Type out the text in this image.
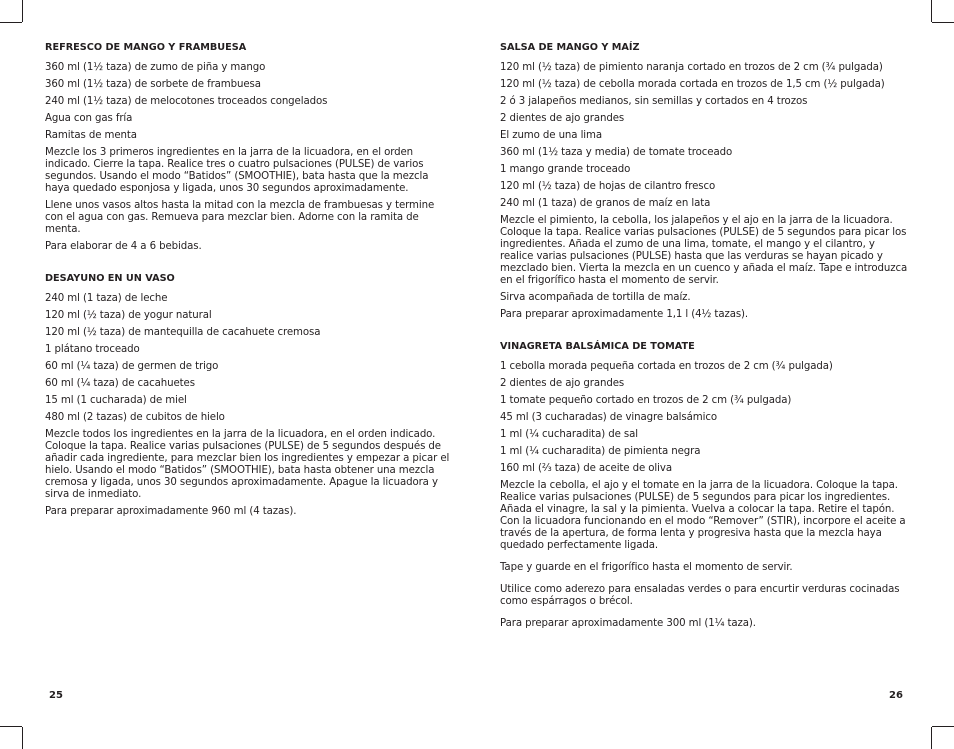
REFRESCO DE MANGO Y FRAMBUESA
360 ml (1½ taza) de zumo de piña y mango
360 ml (1½ taza) de sorbete de frambuesa
240 ml (1½ taza) de melocotones troceados congelados
Agua con gas fría
Ramitas de menta
Mezcle los 3 primeros ingredientes en la jarra de la licuadora, en el orden indicado. Cierre la tapa. Realice tres o cuatro pulsaciones (PULSE) de varios segundos. Usando el modo “Batidos” (SMOOTHIE), bata hasta que la mezcla haya quedado esponjosa y ligada, unos 30 segundos aproximadamente.
Llene unos vasos altos hasta la mitad con la mezcla de frambuesas y termine con el agua con gas. Remueva para mezclar bien. Adorne con la ramita de menta.
Para elaborar de 4 a 6 bebidas.
DESAYUNO EN UN VASO
240 ml (1 taza) de leche
120 ml (½ taza) de yogur natural
120 ml (½ taza) de mantequilla de cacahuete cremosa
1 plátano troceado
60 ml (¼ taza) de germen de trigo
60 ml (¼ taza) de cacahuetes
15 ml (1 cucharada) de miel
480 ml (2 tazas) de cubitos de hielo
Mezcle todos los ingredientes en la jarra de la licuadora, en el orden indicado. Coloque la tapa. Realice varias pulsaciones (PULSE) de 5 segundos después de añadir cada ingrediente, para mezclar bien los ingredientes y empezar a picar el hielo. Usando el modo “Batidos” (SMOOTHIE), bata hasta obtener una mezcla cremosa y ligada, unos 30 segundos aproximadamente. Apague la licuadora y sirva de inmediato.
Para preparar aproximadamente 960 ml (4 tazas).
SALSA DE MANGO Y MAÍZ
120 ml (½ taza) de pimiento naranja cortado en trozos de 2 cm (¾ pulgada)
120 ml (½ taza) de cebolla morada cortada en trozos de 1,5 cm (½ pulgada)
2 ó 3 jalapeños medianos, sin semillas y cortados en 4 trozos
2 dientes de ajo grandes
El zumo de una lima
360 ml (1½ taza y media) de tomate troceado
1 mango grande troceado
120 ml (½ taza) de hojas de cilantro fresco
240 ml (1 taza) de granos de maíz en lata
Mezcle el pimiento, la cebolla, los jalapeños y el ajo en la jarra de la licuadora. Coloque la tapa. Realice varias pulsaciones (PULSE) de 5 segundos para picar los ingredientes. Añada el zumo de una lima, tomate, el mango y el cilantro, y realice varias pulsaciones (PULSE) hasta que las verduras se hayan picado y mezclado bien. Vierta la mezcla en un cuenco y añada el maíz. Tape e introduzca en el frigorífico hasta el momento de servir.
Sirva acompañada de tortilla de maíz.
Para preparar aproximadamente 1,1 l (4½ tazas).
VINAGRETA BALSÁMICA DE TOMATE
1 cebolla morada pequeña cortada en trozos de 2 cm (¾ pulgada)
2 dientes de ajo grandes
1 tomate pequeño cortado en trozos de 2 cm (¾ pulgada)
45 ml (3 cucharadas) de vinagre balsámico
1 ml (¼ cucharadita) de sal
1 ml (¼ cucharadita) de pimienta negra
160 ml (⅔ taza) de aceite de oliva
Mezcle la cebolla, el ajo y el tomate en la jarra de la licuadora. Coloque la tapa. Realice varias pulsaciones (PULSE) de 5 segundos para picar los ingredientes. Añada el vinagre, la sal y la pimienta. Vuelva a colocar la tapa. Retire el tapón. Con la licuadora funcionando en el modo “Remover” (STIR), incorpore el aceite a través de la apertura, de forma lenta y progresiva hasta que la mezcla haya quedado perfectamente ligada.
Tape y guarde en el frigorífico hasta el momento de servir.
Utilice como aderezo para ensaladas verdes o para encurtir verduras cocinadas como espárragos o brécol.
Para preparar aproximadamente 300 ml (1¼ taza).
25	26
